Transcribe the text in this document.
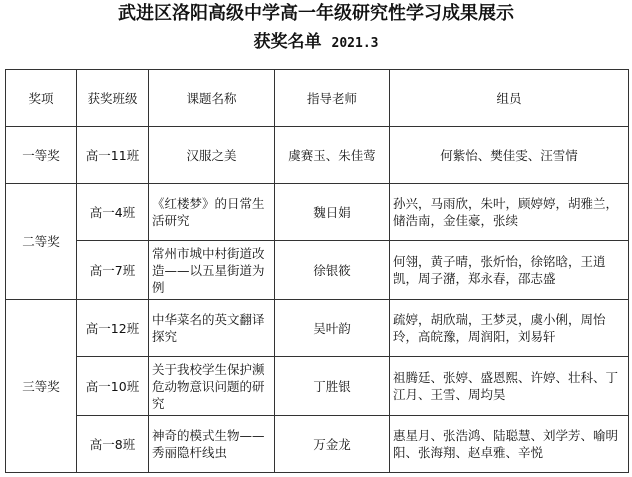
武进区洛阳高级中学高一年级研究性学习成果展示
获奖名单 2021.3
奖项	获奖班级	课题名称	指导老师	组员
一等奖	高一11班	汉服之美	虞赛玉、朱佳莺	何紫怡、樊佳雯、汪雪情
二等奖	高一4班	《红楼梦》的日常生活研究	魏日娟	孙兴，马雨欣，朱叶，顾婷婷，胡雅兰，储浩南，金佳豪，张续
	高一7班	常州市城中村街道改造——以五星街道为例	徐银筱	何翎，黄子晴，张炘怡，徐铭晗，王逍凯，周子潴，郑永春，邵志盛
三等奖	高一12班	中华菜名的英文翻译探究	吴叶韵	疏婷，胡欣瑞，王梦灵，虞小俐，周怡玲，高皖豫，周润阳，刘易轩
	高一10班	关于我校学生保护濒危动物意识问题的研究	丁胜银	祖腾廷、张婷、盛恩熙、许婷、壮科、丁江月、王雪、周均昊
	高一8班	神奇的模式生物——秀丽隐杆线虫	万金龙	惠星月、张浩鸿、陆聪慧、刘学芳、喻明阳、张海翔、赵卓雅、辛悦
